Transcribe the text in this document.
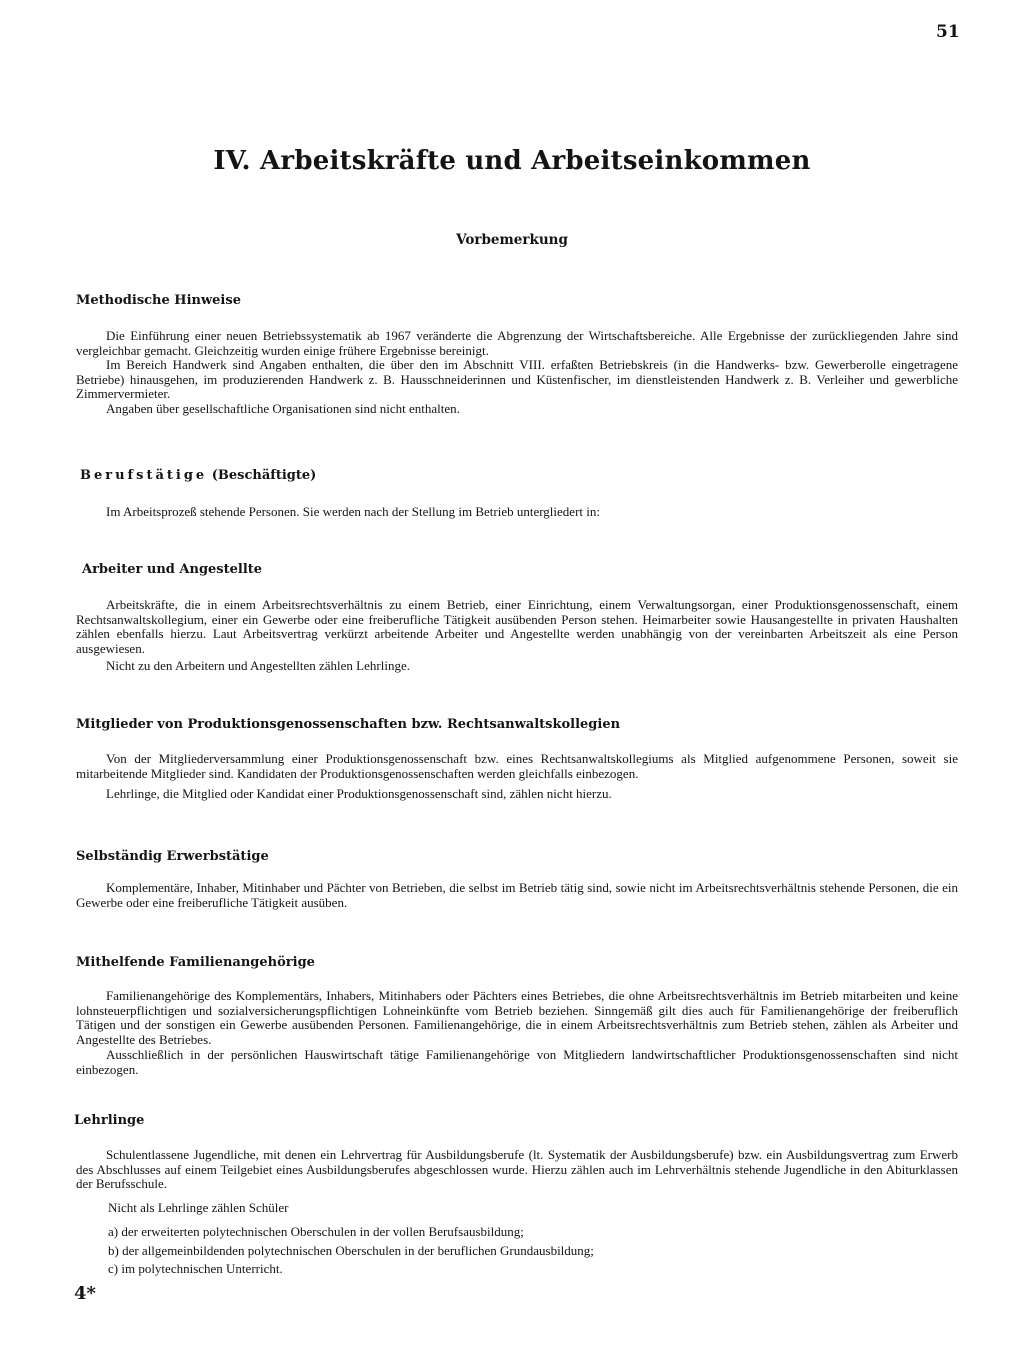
51
IV. Arbeitskräfte und Arbeitseinkommen
Vorbemerkung
Methodische Hinweise
Die Einführung einer neuen Betriebssystematik ab 1967 veränderte die Abgrenzung der Wirtschaftsbereiche. Alle Ergebnisse der zurückliegenden Jahre sind vergleichbar gemacht. Gleichzeitig wurden einige frühere Ergebnisse bereinigt.
Im Bereich Handwerk sind Angaben enthalten, die über den im Abschnitt VIII. erfaßten Betriebskreis (in die Handwerks- bzw. Gewerberolle eingetragene Betriebe) hinausgehen, im produzierenden Handwerk z. B. Hausschneiderinnen und Küstenfischer, im dienstleistenden Handwerk z. B. Verleiher und gewerbliche Zimmervermieter.
Angaben über gesellschaftliche Organisationen sind nicht enthalten.
Berufstätige (Beschäftigte)
Im Arbeitsprozeß stehende Personen. Sie werden nach der Stellung im Betrieb untergliedert in:
Arbeiter und Angestellte
Arbeitskräfte, die in einem Arbeitsrechtsverhältnis zu einem Betrieb, einer Einrichtung, einem Verwaltungsorgan, einer Produktionsgenossenschaft, einem Rechtsanwaltskollegium, einer ein Gewerbe oder eine freiberufliche Tätigkeit ausübenden Person stehen. Heimarbeiter sowie Hausangestellte in privaten Haushalten zählen ebenfalls hierzu. Laut Arbeitsvertrag verkürzt arbeitende Arbeiter und Angestellte werden unabhängig von der vereinbarten Arbeitszeit als eine Person ausgewiesen.
Nicht zu den Arbeitern und Angestellten zählen Lehrlinge.
Mitglieder von Produktionsgenossenschaften bzw. Rechtsanwaltskollegien
Von der Mitgliederversammlung einer Produktionsgenossenschaft bzw. eines Rechtsanwaltskollegiums als Mitglied aufgenommene Personen, soweit sie mitarbeitende Mitglieder sind. Kandidaten der Produktionsgenossenschaften werden gleichfalls einbezogen.
Lehrlinge, die Mitglied oder Kandidat einer Produktionsgenossenschaft sind, zählen nicht hierzu.
Selbständig Erwerbstätige
Komplementäre, Inhaber, Mitinhaber und Pächter von Betrieben, die selbst im Betrieb tätig sind, sowie nicht im Arbeitsrechtsverhältnis stehende Personen, die ein Gewerbe oder eine freiberufliche Tätigkeit ausüben.
Mithelfende Familienangehörige
Familienangehörige des Komplementärs, Inhabers, Mitinhabers oder Pächters eines Betriebes, die ohne Arbeitsrechtsverhältnis im Betrieb mitarbeiten und keine lohnsteuerpflichtigen und sozialversicherungspflichtigen Lohneinkünfte vom Betrieb beziehen. Sinngemäß gilt dies auch für Familienangehörige der freiberuflich Tätigen und der sonstigen ein Gewerbe ausübenden Personen. Familienangehörige, die in einem Arbeitsrechtsverhältnis zum Betrieb stehen, zählen als Arbeiter und Angestellte des Betriebes.
Ausschließlich in der persönlichen Hauswirtschaft tätige Familienangehörige von Mitgliedern landwirtschaftlicher Produktionsgenossenschaften sind nicht einbezogen.
Lehrlinge
Schulentlassene Jugendliche, mit denen ein Lehrvertrag für Ausbildungsberufe (lt. Systematik der Ausbildungsberufe) bzw. ein Ausbildungsvertrag zum Erwerb des Abschlusses auf einem Teilgebiet eines Ausbildungsberufes abgeschlossen wurde. Hierzu zählen auch im Lehrverhältnis stehende Jugendliche in den Abiturklassen der Berufsschule.
Nicht als Lehrlinge zählen Schüler
a) der erweiterten polytechnischen Oberschulen in der vollen Berufsausbildung;
b) der allgemeinbildenden polytechnischen Oberschulen in der beruflichen Grundausbildung;
c) im polytechnischen Unterricht.
4*
